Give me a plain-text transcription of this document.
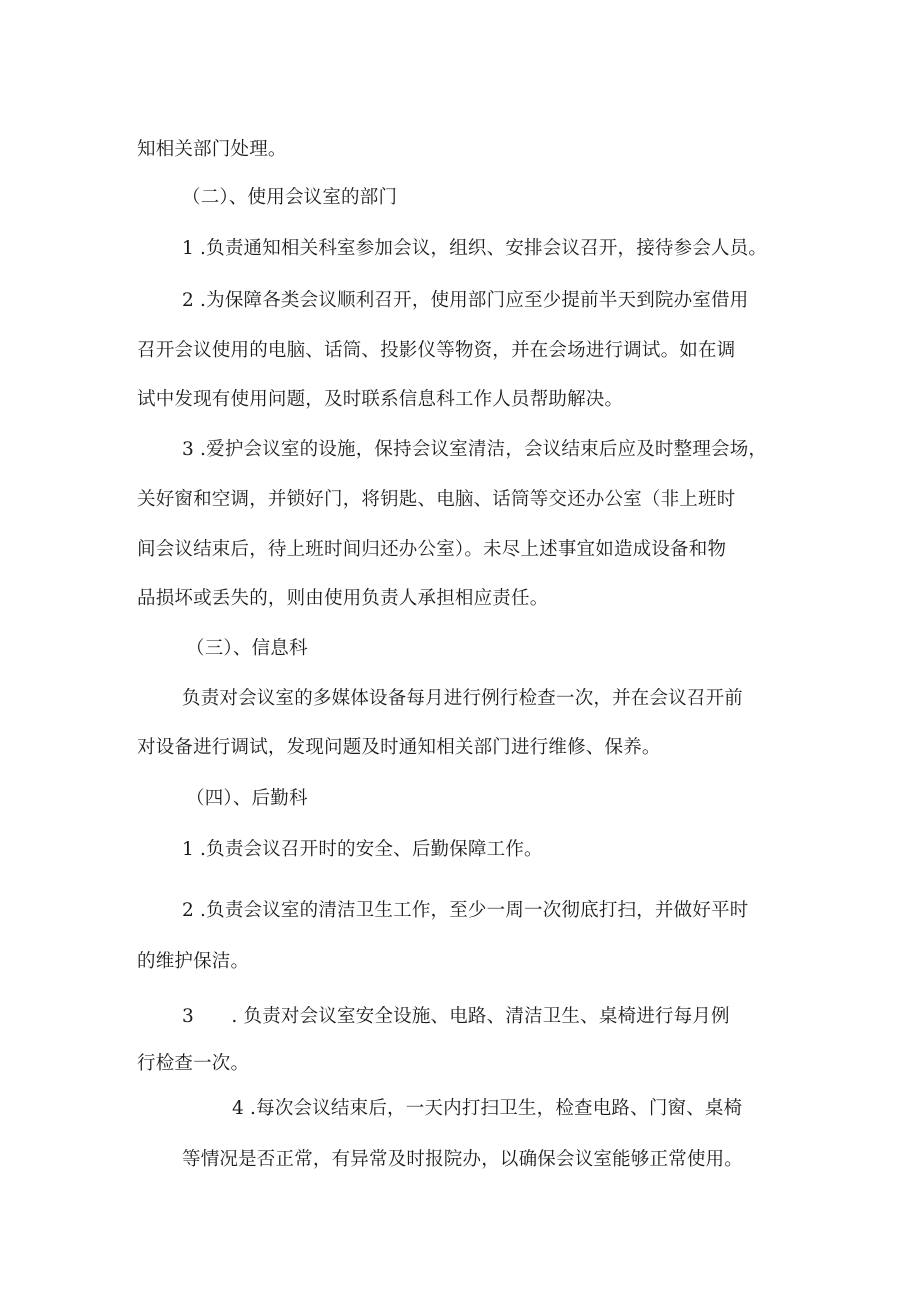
知相关部门处理。

（二）、使用会议室的部门

1 .负责通知相关科室参加会议，组织、安排会议召开，接待参会人员。

2 .为保障各类会议顺利召开，使用部门应至少提前半天到院办室借用

召开会议使用的电脑、话筒、投影仪等物资，并在会场进行调试。如在调

试中发现有使用问题，及时联系信息科工作人员帮助解决。

3 .爱护会议室的设施，保持会议室清洁，会议结束后应及时整理会场，

关好窗和空调，并锁好门，将钥匙、电脑、话筒等交还办公室（非上班时

间会议结束后，待上班时间归还办公室）。未尽上述事宜如造成设备和物

品损坏或丢失的，则由使用负责人承担相应责任。

（三）、信息科

负责对会议室的多媒体设备每月进行例行检查一次，并在会议召开前

对设备进行调试，发现问题及时通知相关部门进行维修、保养。

（四）、后勤科

1 .负责会议召开时的安全、后勤保障工作。

2 .负责会议室的清洁卫生工作，至少一周一次彻底打扫，并做好平时

的维护保洁。

3　　. 负责对会议室安全设施、电路、清洁卫生、桌椅进行每月例

行检查一次。

4 .每次会议结束后，一天内打扫卫生，检查电路、门窗、桌椅

等情况是否正常，有异常及时报院办，以确保会议室能够正常使用。
